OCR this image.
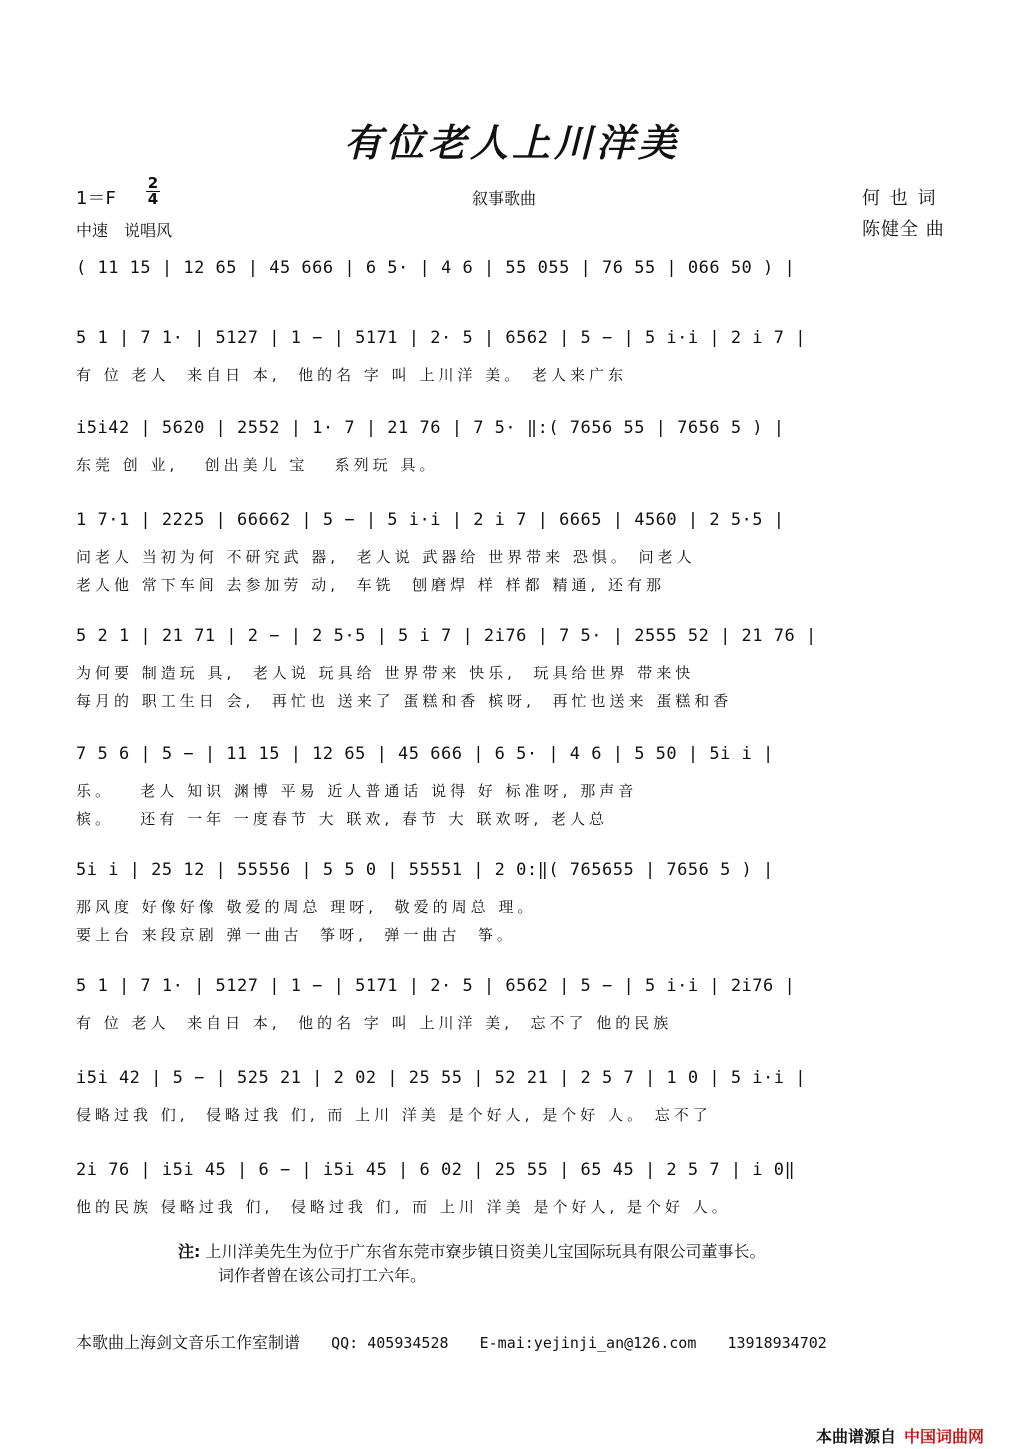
有位老人上川洋美
1＝F
2
4	叙事歌曲
中速　说唱风
何 也 词
陈健全 曲
( 11 15 | 12 65 | 45 666 | 6 5· | 4 6 | 55 055 | 76 55 | 066 50 ) |
5 1 | 7 1· | 5127 | 1 − | 5171 | 2· 5 | 6562 | 5 − | 5 i·i | 2 i 7 |
有 位 老人  来自日 本,  他的名 字 叫 上川洋 美。 老人来广东
i5i42 | 5620 | 2552 | 1· 7 | 21 76 | 7 5· ‖:( 7656 55 | 7656 5 ) |
东莞 创 业,   创出美儿 宝   系列玩 具。
1 7·1 | 2225 | 66662 | 5 − | 5 i·i | 2 i 7 | 6665 | 4560 | 2 5·5 |
问老人 当初为何 不研究武 器,  老人说 武器给 世界带来 恐惧。 问老人
老人他 常下车间 去参加劳 动,  车铣  刨磨焊 样 样都 精通, 还有那
5 2 1 | 21 71 | 2 − | 2 5·5 | 5 i 7 | 2i76 | 7 5· | 2555 52 | 21 76 |
为何要 制造玩 具,  老人说 玩具给 世界带来 快乐,  玩具给世界 带来快
每月的 职工生日 会,  再忙也 送来了 蛋糕和香 槟呀,  再忙也送来 蛋糕和香
7 5 6 | 5 − | 11 15 | 12 65 | 45 666 | 6 5· | 4 6 | 5 50 | 5i i |
乐。   老人 知识 渊博 平易 近人普通话 说得 好 标准呀, 那声音
槟。   还有 一年 一度春节 大 联欢, 春节 大 联欢呀, 老人总
5i i | 25 12 | 55556 | 5 5 0 | 55551 | 2 0:‖( 765655 | 7656 5 ) |
那风度 好像好像 敬爱的周总 理呀,  敬爱的周总 理。
要上台 来段京剧 弹一曲古  筝呀,  弹一曲古  筝。
5 1 | 7 1· | 5127 | 1 − | 5171 | 2· 5 | 6562 | 5 − | 5 i·i | 2i76 |
有 位 老人  来自日 本,  他的名 字 叫 上川洋 美,  忘不了 他的民族
i5i 42 | 5 − | 525 21 | 2 02 | 25 55 | 52 21 | 2 5 7 | 1 0 | 5 i·i |
侵略过我 们,  侵略过我 们, 而 上川 洋美 是个好人, 是个好 人。 忘不了
2i 76 | i5i 45 | 6 − | i5i 45 | 6 02 | 25 55 | 65 45 | 2 5 7 | i 0‖
他的民族 侵略过我 们,  侵略过我 们, 而 上川 洋美 是个好人, 是个好 人。
注: 上川洋美先生为位于广东省东莞市寮步镇日资美儿宝国际玩具有限公司董事长。
词作者曾在该公司打工六年。
本歌曲上海剑文音乐工作室制谱 QQ: 405934528 E-mai:yejinji_an@126.com 13918934702
本曲谱源自 中国词曲网
